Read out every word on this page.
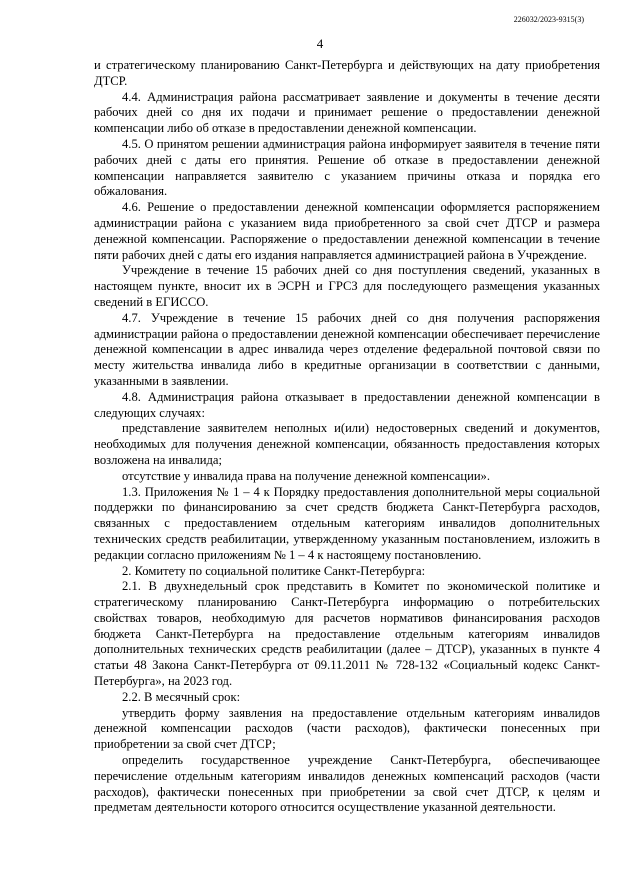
226032/2023-9315(3)
4

и стратегическому планированию Санкт-Петербурга и действующих на дату приобретения ДТСР.

4.4. Администрация района рассматривает заявление и документы в течение десяти рабочих дней со дня их подачи и принимает решение о предоставлении денежной компенсации либо об отказе в предоставлении денежной компенсации.

4.5. О принятом решении администрация района информирует заявителя в течение пяти рабочих дней с даты его принятия. Решение об отказе в предоставлении денежной компенсации направляется заявителю с указанием причины отказа и порядка его обжалования.

4.6. Решение о предоставлении денежной компенсации оформляется распоряжением администрации района с указанием вида приобретенного за свой счет ДТСР и размера денежной компенсации. Распоряжение о предоставлении денежной компенсации в течение пяти рабочих дней с даты его издания направляется администрацией района в Учреждение.

Учреждение в течение 15 рабочих дней со дня поступления сведений, указанных в настоящем пункте, вносит их в ЭСРН и ГРСЗ для последующего размещения указанных сведений в ЕГИССО.

4.7. Учреждение в течение 15 рабочих дней со дня получения распоряжения администрации района о предоставлении денежной компенсации обеспечивает перечисление денежной компенсации в адрес инвалида через отделение федеральной почтовой связи по месту жительства инвалида либо в кредитные организации в соответствии с данными, указанными в заявлении.

4.8. Администрация района отказывает в предоставлении денежной компенсации в следующих случаях:

представление заявителем неполных и(или) недостоверных сведений и документов, необходимых для получения денежной компенсации, обязанность предоставления которых возложена на инвалида;

отсутствие у инвалида права на получение денежной компенсации».

1.3. Приложения № 1 – 4 к Порядку предоставления дополнительной меры социальной поддержки по финансированию за счет средств бюджета Санкт-Петербурга расходов, связанных с предоставлением отдельным категориям инвалидов дополнительных технических средств реабилитации, утвержденному указанным постановлением, изложить в редакции согласно приложениям № 1 – 4 к настоящему постановлению.

2. Комитету по социальной политике Санкт-Петербурга:

2.1. В двухнедельный срок представить в Комитет по экономической политике и стратегическому планированию Санкт-Петербурга информацию о потребительских свойствах товаров, необходимую для расчетов нормативов финансирования расходов бюджета Санкт-Петербурга на предоставление отдельным категориям инвалидов дополнительных технических средств реабилитации (далее – ДТСР), указанных в пункте 4 статьи 48 Закона Санкт-Петербурга от 09.11.2011 № 728-132 «Социальный кодекс Санкт-Петербурга», на 2023 год.

2.2. В месячный срок:

утвердить форму заявления на предоставление отдельным категориям инвалидов денежной компенсации расходов (части расходов), фактически понесенных при приобретении за свой счет ДТСР;

определить государственное учреждение Санкт-Петербурга, обеспечивающее перечисление отдельным категориям инвалидов денежных компенсаций расходов (части расходов), фактически понесенных при приобретении за свой счет ДТСР, к целям и предметам деятельности которого относится осуществление указанной деятельности.
